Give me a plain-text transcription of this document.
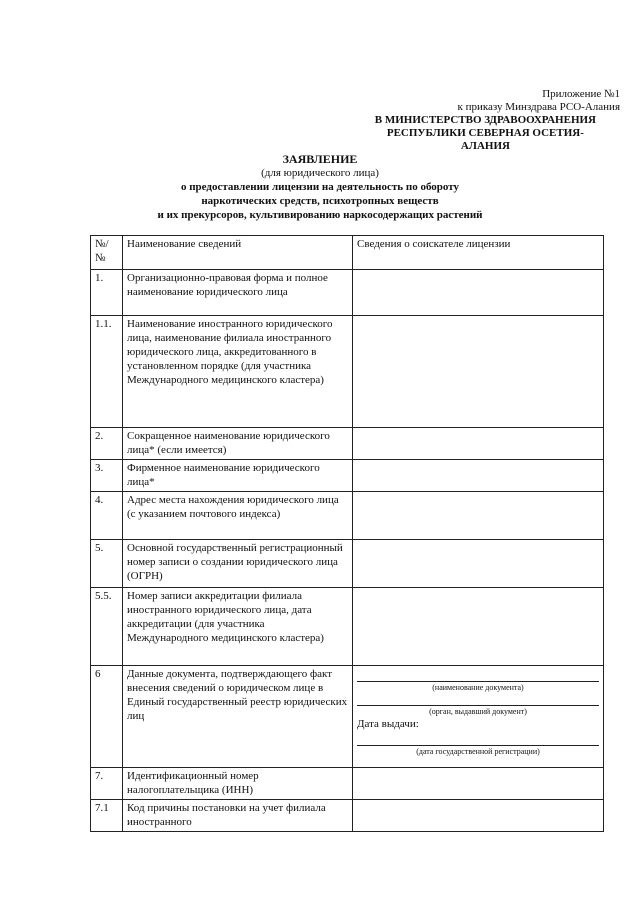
Приложение №1
к приказу Минздрава РСО-Алания
В МИНИСТЕРСТВО ЗДРАВООХРАНЕНИЯ
РЕСПУБЛИКИ СЕВЕРНАЯ ОСЕТИЯ-
АЛАНИЯ
ЗАЯВЛЕНИЕ
(для юридического лица)
о предоставлении лицензии на деятельность по обороту
наркотических средств, психотропных веществ
и их прекурсоров, культивированию наркосодержащих растений
№/ №	Наименование сведений	Сведения о соискателе лицензии
1.	Организационно-правовая форма и полное наименование юридического лица	
1.1.	Наименование иностранного юридического лица, наименование филиала иностранного юридического лица, аккредитованного в установленном порядке (для участника Международного медицинского кластера)	
2.	Сокращенное наименование юридического лица* (если имеется)	
3.	Фирменное наименование юридического лица*	
4.	Адрес места нахождения юридического лица (с указанием почтового индекса)	
5.	Основной государственный регистрационный номер записи о создании юридического лица (ОГРН)	
5.5.	Номер записи аккредитации филиала иностранного юридического лица, дата аккредитации (для участника Международного медицинского кластера)	
6	Данные документа, подтверждающего факт внесения сведений о юридическом лице в Единый государственный реестр юридических лиц	(наименование документа)
(орган, выдавший документ)
Дата выдачи:
(дата государственной регистрации)

7.	Идентификационный номер налогоплательщика (ИНН)	
7.1	Код причины постановки на учет филиала иностранного	
